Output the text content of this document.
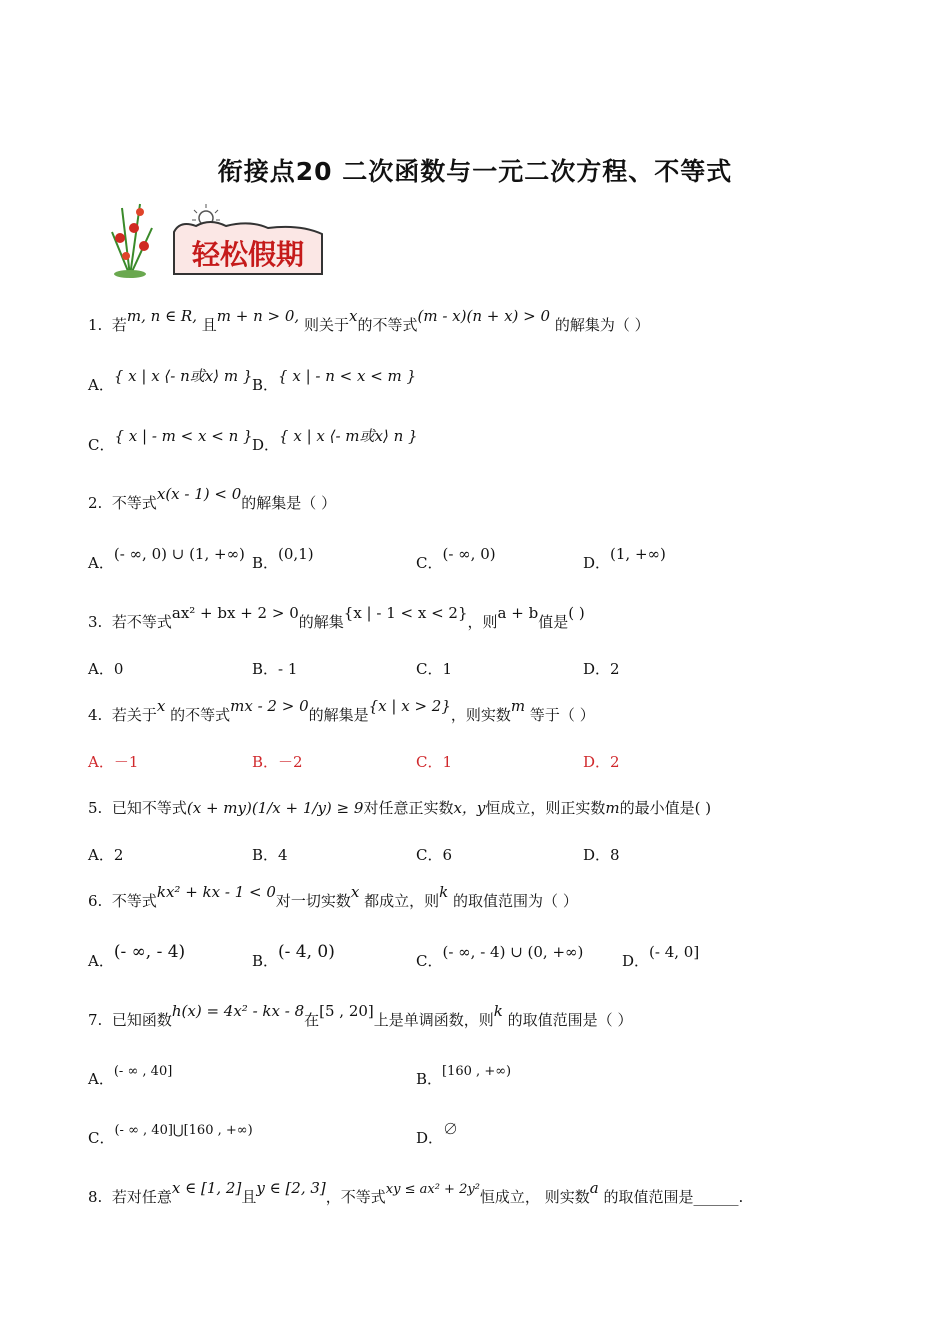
衔接点20 二次函数与一元二次方程、不等式
轻松假期
1. 若m, n ∈ R, 且m + n > 0, 则关于x的不等式(m - x)(n + x) > 0 的解集为（ ）
A．{ x | x ⟨- n或x⟩ m } B．{ x | - n < x < m }
C．{ x | - m < x < n } D．{ x | x ⟨- m或x⟩ n }
2. 不等式x(x - 1) < 0的解集是（ ）
A．(- ∞, 0) ∪ (1, +∞) B．(0,1)	C．(- ∞, 0)	D．(1, +∞)
3. 若不等式ax² + bx + 2 > 0的解集{x | - 1 < x < 2}，则a + b值是( )
A．0	B．- 1	C．1	D．2
4. 若关于x 的不等式mx - 2 > 0的解集是{x | x > 2}，则实数m 等于（ ）
A．－1	B．－2	C．1	D．2
5. 已知不等式(x + my)(1/x + 1/y) ≥ 9对任意正实数x，y恒成立，则正实数m的最小值是( )
A．2	B．4	C．6	D．8
6. 不等式kx² + kx - 1 < 0对一切实数x 都成立，则k 的取值范围为（ ）
A．(- ∞, - 4)	B．(- 4, 0)	C．(- ∞, - 4) ∪ (0, +∞)	D．(- 4, 0]
7. 已知函数h(x) = 4x² - kx - 8在[5 , 20]上是单调函数，则k 的取值范围是（ ）
A．(- ∞ , 40]	B．[160 , +∞)
C．(- ∞ , 40]⋃[160 , +∞)	D．∅
8. 若对任意x ∈ [1, 2]且y ∈ [2, 3]，不等式xy ≤ ax² + 2y²恒成立， 则实数a 的取值范围是______.
